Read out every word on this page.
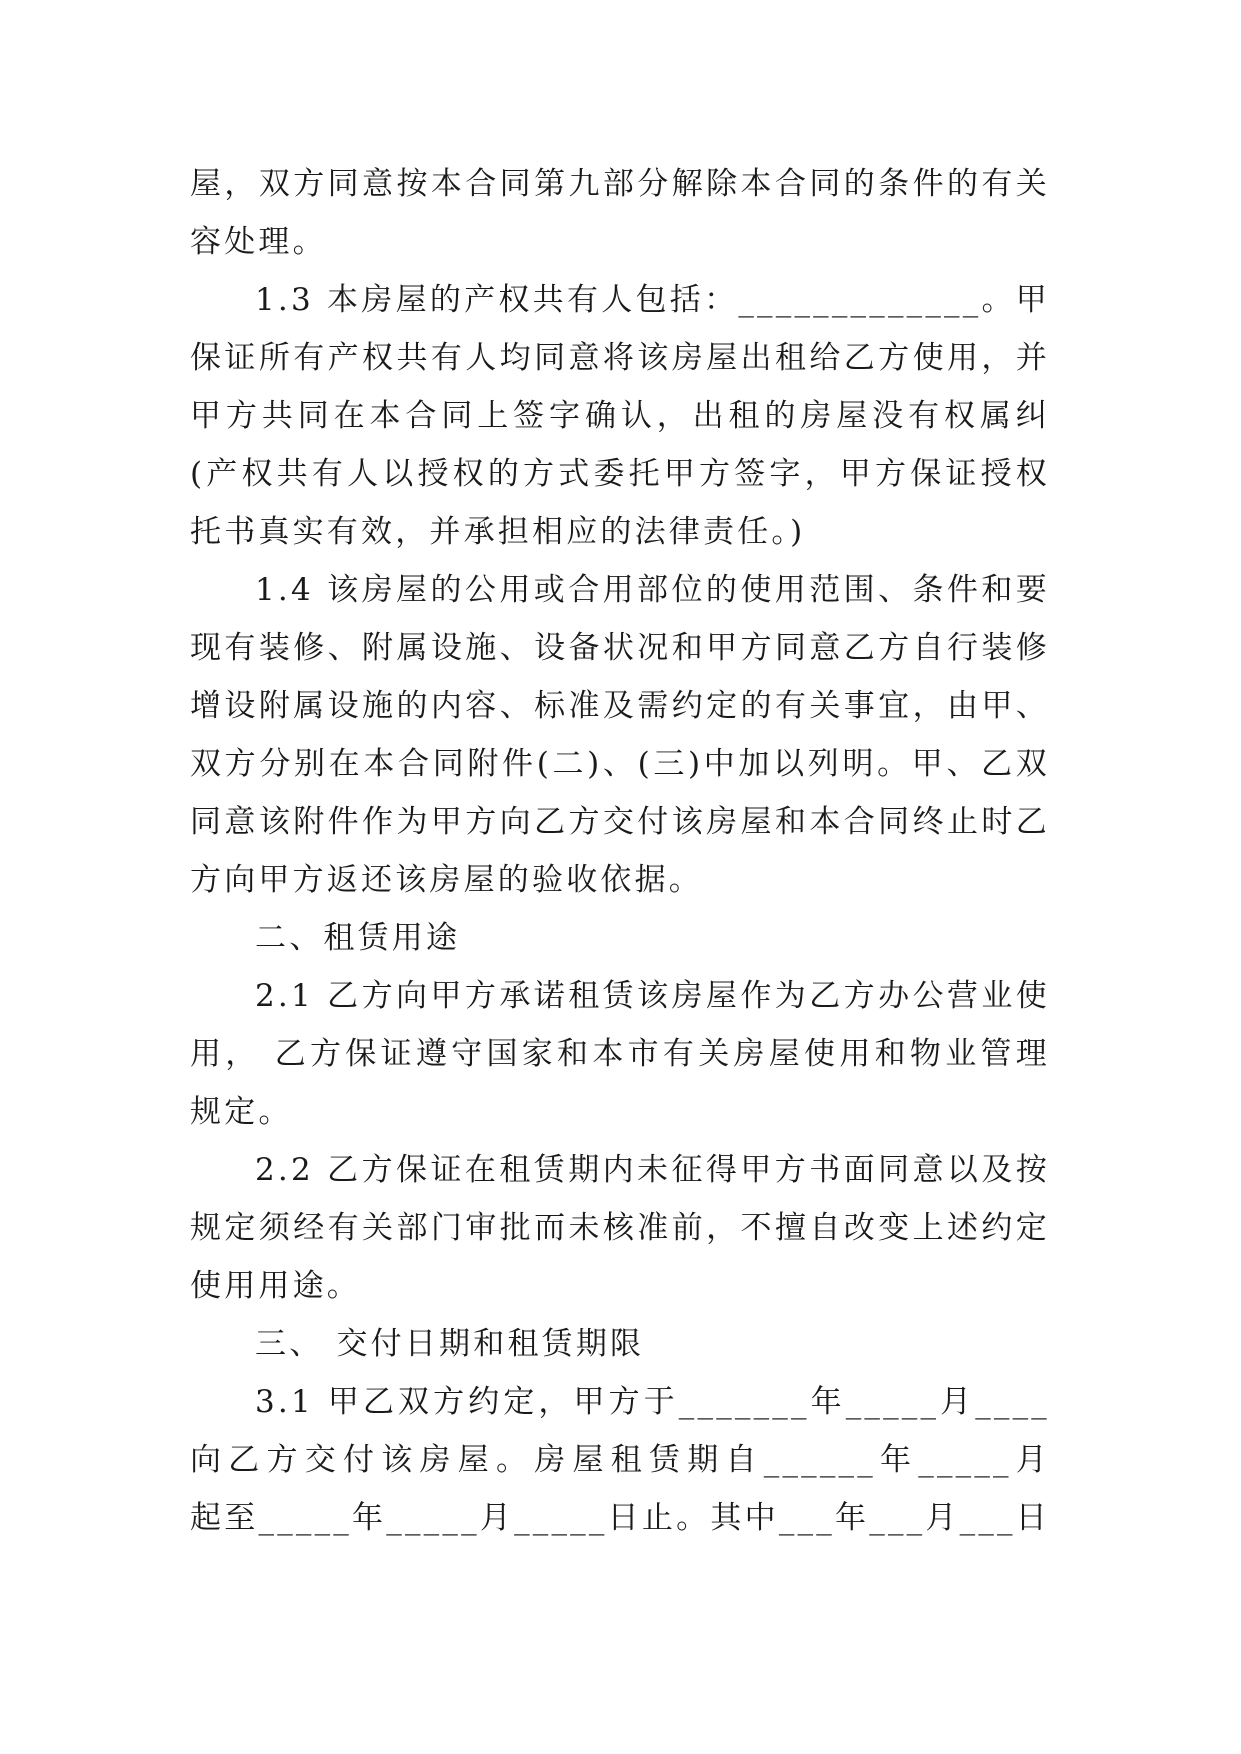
屋，双方同意按本合同第九部分解除本合同的条件的有关
容处理。
1.3 本房屋的产权共有人包括：_____________。甲
保证所有产权共有人均同意将该房屋出租给乙方使用，并
甲方共同在本合同上签字确认，出租的房屋没有权属纠
(产权共有人以授权的方式委托甲方签字，甲方保证授权
托书真实有效，并承担相应的法律责任。)
1.4 该房屋的公用或合用部位的使用范围、条件和要
现有装修、附属设施、设备状况和甲方同意乙方自行装修
增设附属设施的内容、标准及需约定的有关事宜，由甲、
双方分别在本合同附件(二)、(三)中加以列明。甲、乙双
同意该附件作为甲方向乙方交付该房屋和本合同终止时乙
方向甲方返还该房屋的验收依据。
二、租赁用途
2.1 乙方向甲方承诺租赁该房屋作为乙方办公营业使
用， 乙方保证遵守国家和本市有关房屋使用和物业管理
规定。
2.2 乙方保证在租赁期内未征得甲方书面同意以及按
规定须经有关部门审批而未核准前，不擅自改变上述约定
使用用途。
三、 交付日期和租赁期限
3.1 甲乙双方约定，甲方于_______年_____月____
向乙方交付该房屋。房屋租赁期自______年_____月
起至_____年_____月_____日止。其中___年___月___日
